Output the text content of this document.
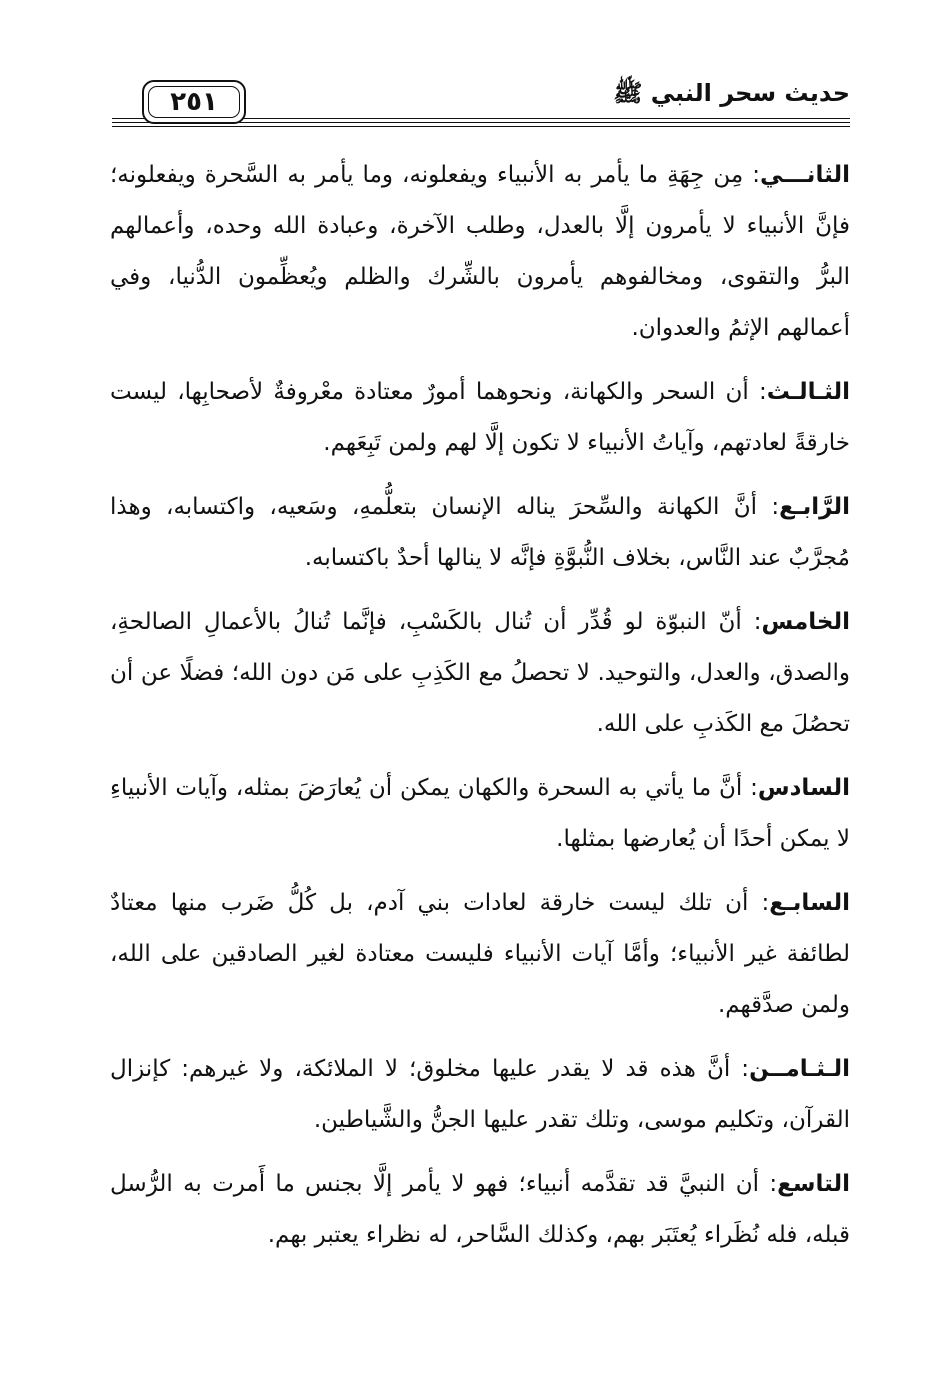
حديث سحر النبي ﷺ
٢٥١

الثانـــي: مِن جِهَةِ ما يأمر به الأنبياء ويفعلونه، وما يأمر به السَّحرة ويفعلونه؛ فإنَّ الأنبياء لا يأمرون إلَّا بالعدل، وطلب الآخرة، وعبادة الله وحده، وأعمالهم البرُّ والتقوى، ومخالفوهم يأمرون بالشِّرك والظلم ويُعظِّمون الدُّنيا، وفي أعمالهم الإثمُ والعدوان.

الثـالـث: أن السحر والكهانة، ونحوهما أمورٌ معتادة معْروفةٌ لأصحابِها، ليست خارقةً لعادتهم، وآياتُ الأنبياء لا تكون إلَّا لهم ولمن تَبِعَهم.

الرَّابـع: أنَّ الكهانة والسِّحرَ يناله الإنسان بتعلُّمهِ، وسَعيه، واكتسابه، وهذا مُجرَّبٌ عند النَّاس، بخلاف النُّبوَّةِ فإنَّه لا ينالها أحدٌ باكتسابه.

الخامس: أنّ النبوّة لو قُدِّر أن تُنال بالكَسْبِ، فإنَّما تُنالُ بالأعمالِ الصالحةِ، والصدق، والعدل، والتوحيد. لا تحصلُ مع الكَذِبِ على مَن دون الله؛ فضلًا عن أن تحصُلَ مع الكَذبِ على الله.

السادس: أنَّ ما يأتي به السحرة والكهان يمكن أن يُعارَضَ بمثله، وآيات الأنبياءِ لا يمكن أحدًا أن يُعارضها بمثلها.

السابـع: أن تلك ليست خارقة لعادات بني آدم، بل كُلُّ ضَرب منها معتادٌ لطائفة غير الأنبياء؛ وأمَّا آيات الأنبياء فليست معتادة لغير الصادقين على الله، ولمن صدَّقهم.

الـثـامــن: أنَّ هذه قد لا يقدر عليها مخلوق؛ لا الملائكة، ولا غيرهم: كإنزال القرآن، وتكليم موسى، وتلك تقدر عليها الجنُّ والشَّياطين.

التاسع: أن النبيَّ قد تقدَّمه أنبياء؛ فهو لا يأمر إلَّا بجنس ما أَمرت به الرُّسل قبله، فله نُظَراء يُعتَبَر بهم، وكذلك السَّاحر، له نظراء يعتبر بهم.
